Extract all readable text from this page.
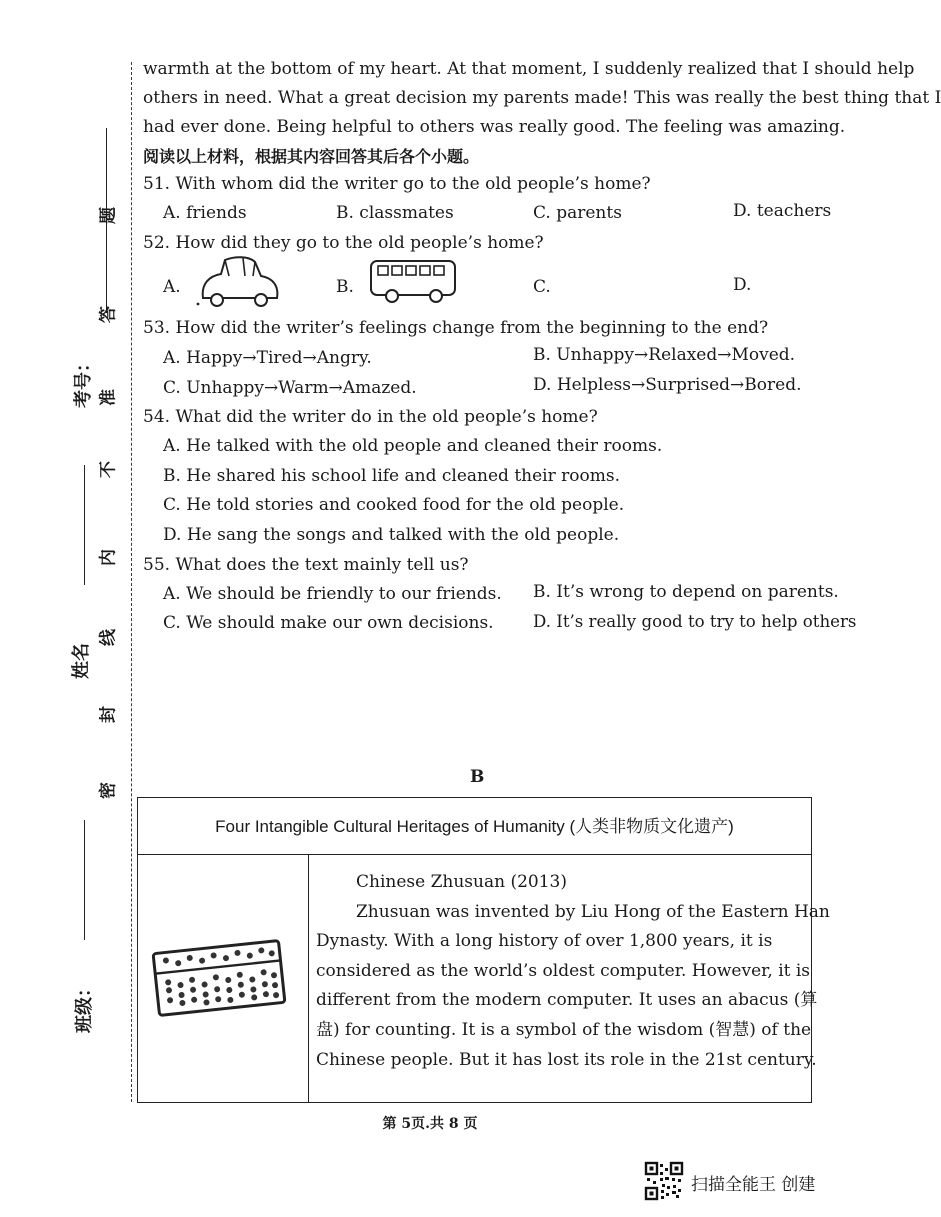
题
答
准
不
内
线
封
密
考号：
姓名
班级：
warmth at the bottom of my heart. At that moment, I suddenly realized that I should help
others in need. What a great decision my parents made! This was really the best thing that I
had ever done. Being helpful to others was really good. The feeling was amazing.
阅读以上材料，根据其内容回答其后各个小题。
51. With whom did the writer go to the old people’s home?
A. friends	B. classmates	C. parents	D. teachers
52. How did they go to the old people’s home?
A.	B.	C.	D.
53. How did the writer’s feelings change from the beginning to the end?
A. Happy→Tired→Angry.	B. Unhappy→Relaxed→Moved.
C. Unhappy→Warm→Amazed.	D. Helpless→Surprised→Bored.
54. What did the writer do in the old people’s home?
A. He talked with the old people and cleaned their rooms.
B. He shared his school life and cleaned their rooms.
C. He told stories and cooked food for the old people.
D. He sang the songs and talked with the old people.
55. What does the text mainly tell us?
A. We should be friendly to our friends. B. It’s wrong to depend on parents.
C. We should make our own decisions. D. It’s really good to try to help others
B
Four Intangible Cultural Heritages of Humanity (人类非物质文化遗产)
Chinese Zhusuan (2013)
Zhusuan was invented by Liu Hong of the Eastern Han
Dynasty. With a long history of over 1,800 years, it is
considered as the world’s oldest computer. However, it is
different from the modern computer. It uses an abacus (算
盘) for counting. It is a symbol of the wisdom (智慧) of the
Chinese people. But it has lost its role in the 21st century.
第 5页.共 8 页
扫描全能王 创建
